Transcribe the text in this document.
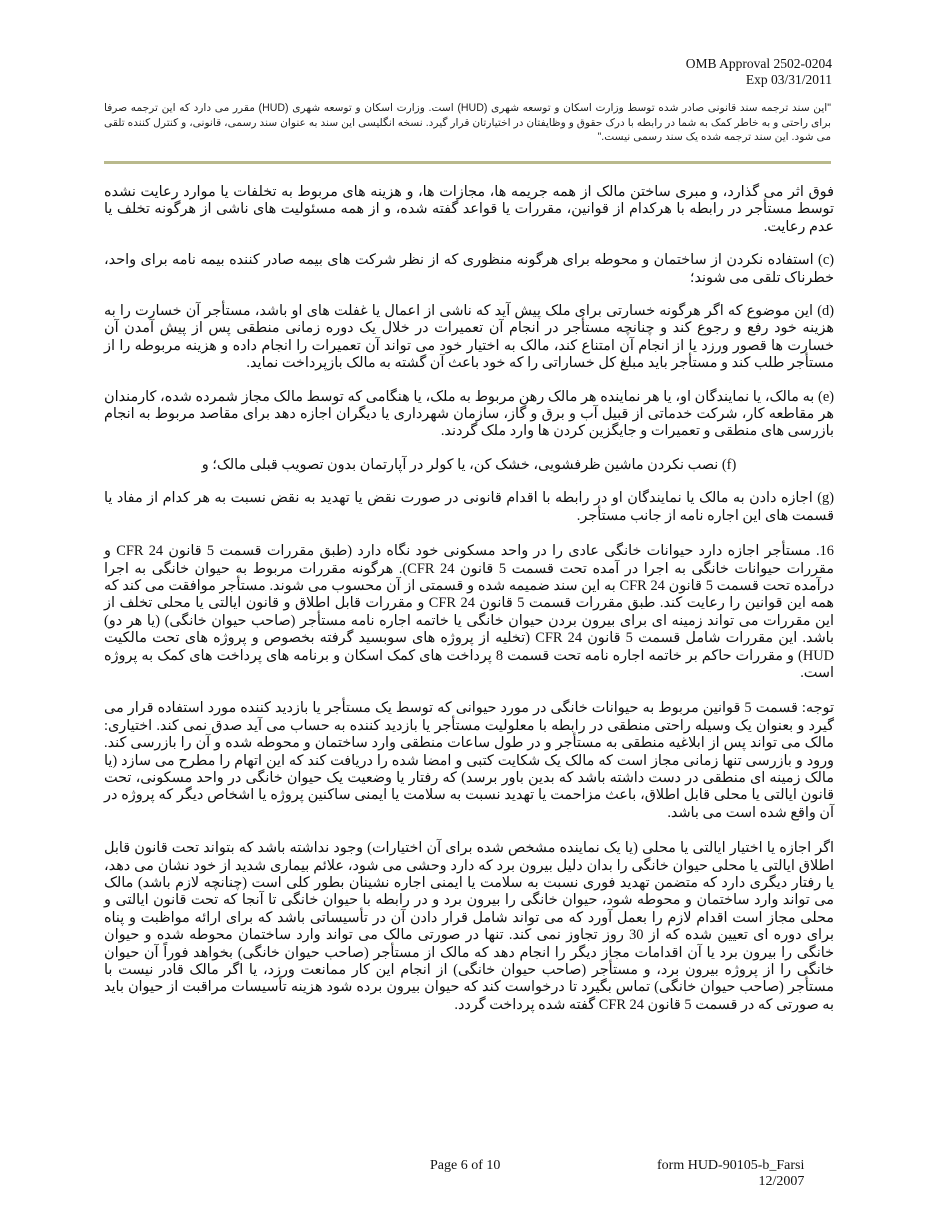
OMB Approval 2502-0204
Exp 03/31/2011
"این سند ترجمه سند قانونی صادر شده توسط وزارت اسکان و توسعه شهری (HUD) است. وزارت اسکان و توسعه شهری (HUD) مقرر می دارد که این ترجمه صرفا برای راحتی و به خاطر کمک به شما در رابطه با درک حقوق و وظایفتان در اختیارتان قرار گیرد. نسخه انگلیسی این سند به عنوان سند رسمی، قانونی، و کنترل کننده تلقی می شود. این سند ترجمه شده یک سند رسمی نیست."

فوق اثر می گذارد، و مبری ساختن مالک از همه جریمه ها، مجازات ها، و هزینه های مربوط به تخلفات یا موارد رعایت نشده توسط مستأجر در رابطه با هرکدام از قوانین، مقررات یا قواعد گفته شده، و از همه مسئولیت های ناشی از هرگونه تخلف یا عدم رعایت.

(c) استفاده نکردن از ساختمان و محوطه برای هرگونه منظوری که از نظر شرکت های بیمه صادر کننده بیمه نامه برای واحد، خطرناک تلقی می شوند؛

(d) این موضوع که اگر هرگونه خسارتی برای ملک پیش آید که ناشی از اعمال یا غفلت های او باشد، مستأجر آن خسارت را به هزینه خود رفع و رجوع کند و چنانچه مستأجر در انجام آن تعمیرات در خلال یک دوره زمانی منطقی پس از پیش آمدن آن خسارت ها قصور ورزد یا از انجام آن امتناع کند، مالک به اختیار خود می تواند آن تعمیرات را انجام داده و هزینه مربوطه را از مستأجر طلب کند و مستأجر باید مبلغ کل خساراتی را که خود باعث آن گشته به مالک بازپرداخت نماید.

(e) به مالک، یا نمایندگان او، یا هر نماینده هر مالک رهن مربوط به ملک، یا هنگامی که توسط مالک مجاز شمرده شده، کارمندان هر مقاطعه کار، شرکت خدماتی از قبیل آب و برق و گاز، سازمان شهرداری یا دیگران اجازه دهد برای مقاصد مربوط به انجام بازرسی های منطقی و تعمیرات و جایگزین کردن ها وارد ملک گردند.

(f) نصب نکردن ماشین ظرفشویی، خشک کن، یا کولر در آپارتمان بدون تصویب قبلی مالک؛ و

(g) اجازه دادن به مالک یا نمایندگان او در رابطه با اقدام قانونی در صورت نقض یا تهدید به نقض نسبت به هر کدام از مفاد یا قسمت های این اجاره نامه از جانب مستأجر.

16. مستأجر اجازه دارد حیوانات خانگی عادی را در واحد مسکونی خود نگاه دارد (طبق مقررات قسمت 5 قانون 24 CFR و مقررات حیوانات خانگی به اجرا در آمده تحت قسمت 5 قانون 24 CFR). هرگونه مقررات مربوط به حیوان خانگی به اجرا درآمده تحت قسمت 5 قانون 24 CFR به این سند ضمیمه شده و قسمتی از آن محسوب می شوند. مستأجر موافقت می کند که همه این قوانین را رعایت کند. طبق مقررات قسمت 5 قانون 24 CFR و مقررات قابل اطلاق و قانون ایالتی یا محلی تخلف از این مقررات می تواند زمینه ای برای بیرون بردن حیوان خانگی یا خاتمه اجاره نامه مستأجر (صاحب حیوان خانگی) (یا هر دو) باشد. این مقررات شامل قسمت 5 قانون 24 CFR (تخلیه از پروژه های سوبسید گرفته بخصوص و پروژه های تحت مالکیت HUD) و مقررات حاکم بر خاتمه اجاره نامه تحت قسمت 8 پرداخت های کمک اسکان و برنامه های پرداخت های کمک به پروژه است.

توجه: قسمت 5 قوانین مربوط به حیوانات خانگی در مورد حیوانی که توسط یک مستأجر یا بازدید کننده مورد استفاده قرار می گیرد و بعنوان یک وسیله راحتی منطقی در رابطه با معلولیت مستأجر یا بازدید کننده به حساب می آید صدق نمی کند. اختیاری: مالک می تواند پس از ابلاغیه منطقی به مستأجر و در طول ساعات منطقی وارد ساختمان و محوطه شده و آن را بازرسی کند. ورود و بازرسی تنها زمانی مجاز است که مالک یک شکایت کتبی و امضا شده را دریافت کند که این اتهام را مطرح می سازد (یا مالک زمینه ای منطقی در دست داشته باشد که بدین باور برسد) که رفتار یا وضعیت یک حیوان خانگی در واحد مسکونی، تحت قانون ایالتی یا محلی قابل اطلاق، باعث مزاحمت یا تهدید نسبت به سلامت یا ایمنی ساکنین پروژه یا اشخاص دیگر که پروژه در آن واقع شده است می باشد.

اگر اجازه یا اختیار ایالتی یا محلی (یا یک نماینده مشخص شده برای آن اختیارات) وجود نداشته باشد که بتواند تحت قانون قابل اطلاق ایالتی یا محلی حیوان خانگی را بدان دلیل بیرون برد که دارد وحشی می شود، علائم بیماری شدید از خود نشان می دهد، یا رفتار دیگری دارد که متضمن تهدید فوری نسبت به سلامت یا ایمنی اجاره نشینان بطور کلی است (چنانچه لازم باشد) مالک می تواند وارد ساختمان و محوطه شود، حیوان خانگی را بیرون برد و در رابطه با حیوان خانگی تا آنجا که تحت قانون ایالتی و محلی مجاز است اقدام لازم را بعمل آورد که می تواند شامل قرار دادن آن در تأسیساتی باشد که برای ارائه مواظبت و پناه برای دوره ای تعیین شده که از 30 روز تجاوز نمی کند. تنها در صورتی مالک می تواند وارد ساختمان محوطه شده و حیوان خانگی را بیرون برد یا آن اقدامات مجاز دیگر را انجام دهد که مالک از مستأجر (صاحب حیوان خانگی) بخواهد فوراً آن حیوان خانگی را از پروژه بیرون برد، و مستأجر (صاحب حیوان خانگی) از انجام این کار ممانعت ورزد، یا اگر مالک قادر نیست با مستأجر (صاحب حیوان خانگی) تماس بگیرد تا درخواست کند که حیوان بیرون برده شود هزینه تأسیسات مراقبت از حیوان باید به صورتی که در قسمت 5 قانون 24 CFR گفته شده پرداخت گردد.

Page 6 of 10	form HUD-90105-b_Farsi
12/2007
